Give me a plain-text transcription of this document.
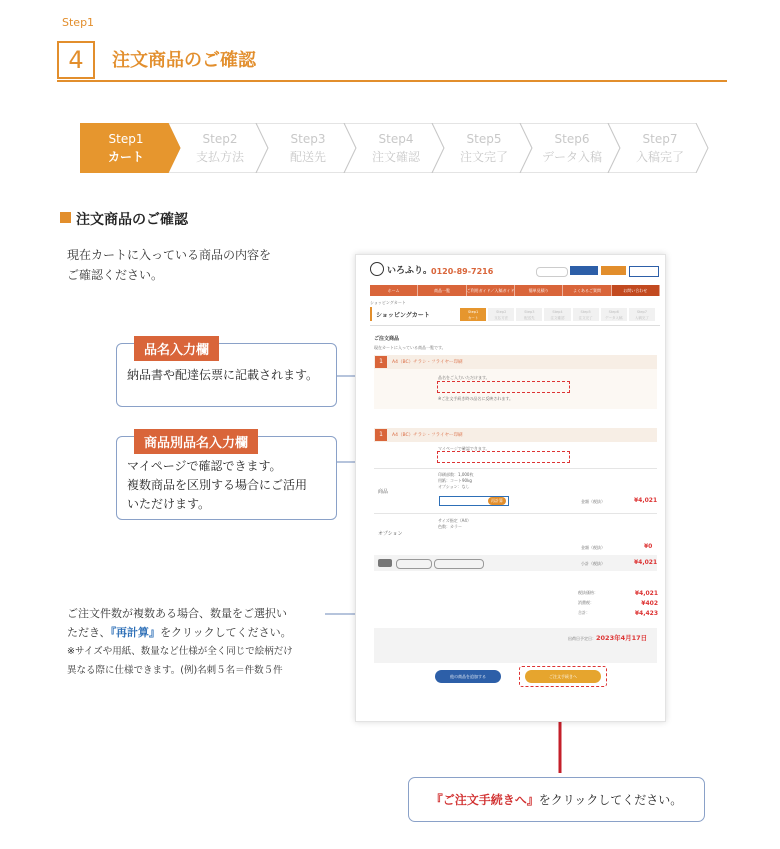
Step1
4	注文商品のご確認
Step2
支払方法
Step3
配送先
Step4
注文確認
Step5
注文完了
Step6
データ入稿
Step7
入稿完了
Step1
カート
注文商品のご確認
現在カートに入っている商品の内容を
ご確認ください。
品名入力欄
納品書や配達伝票に記載されます。
商品別品名入力欄
マイページで確認できます。
複数商品を区別する場合にご活用
いただけます。
ご注文件数が複数ある場合、数量をご選択い
ただき、『再計算』をクリックしてください。
※サイズや用紙、数量など仕様が全く同じで絵柄だけ
異なる際に仕様できます。(例)名刺５名＝件数５件
『ご注文手続きへ』 をクリックしてください。
いろふり。
0120-89-7216
ホーム	商品一覧	ご利用ガイド／入稿ガイド	簡単見積り	よくあるご質問	お問い合わせ
ショッピングカート
ショッピングカート	Step1
カート
Step2
支払方法
Step3
配送先
Step4
注文確認
Step5
注文完了
Step6
データ入稿
Step7
入稿完了
ご注文商品
現在カートに入っている商品一覧です。
1	A4（BC）チラシ・フライヤー印刷
品名をご入力いただけます。
※ご注文手続き時の品名に反映されます。
1	A4（BC）チラシ・フライヤー印刷
マイページで確認できます。
商品
印刷部数：1,000枚
用紙：コート90kg
オプション：なし
再計算	金額（税抜）	¥4,021
オプション
サイズ指定（A4）
色数：カラー
金額（税抜）	¥0
小計（税抜）	¥4,021
税抜価格：	¥4,021
消費税：	¥402
合計：	¥4,423
出荷日予定日： 2023年4月17日
他の商品を追加する	ご注文手続きへ
